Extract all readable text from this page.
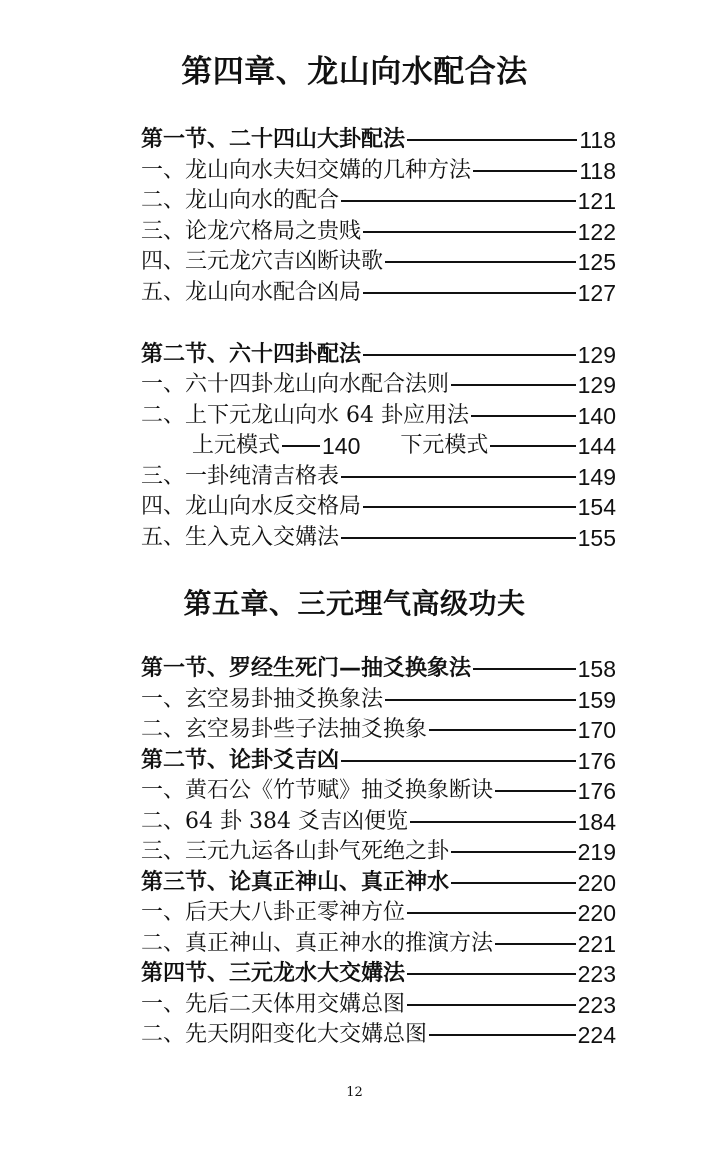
第四章、龙山向水配合法
第一节、二十四山大卦配法	118
一、龙山向水夫妇交媾的几种方法	118
二、龙山向水的配合	121
三、论龙穴格局之贵贱	122
四、三元龙穴吉凶断诀歌	125
五、龙山向水配合凶局	127
第二节、六十四卦配法	129
一、六十四卦龙山向水配合法则	129
二、上下元龙山向水 64 卦应用法	140
上元模式 140 下元模式	144
三、一卦纯清吉格表	149
四、龙山向水反交格局	154
五、生入克入交媾法	155
第五章、三元理气高级功夫
第一节、罗经生死门—抽爻换象法	158
一、玄空易卦抽爻换象法	159
二、玄空易卦些子法抽爻换象	170
第二节、论卦爻吉凶	176
一、黄石公《竹节赋》抽爻换象断诀	176
二、64 卦 384 爻吉凶便览	184
三、三元九运各山卦气死绝之卦	219
第三节、论真正神山、真正神水	220
一、后天大八卦正零神方位	220
二、真正神山、真正神水的推演方法	221
第四节、三元龙水大交媾法	223
一、先后二天体用交媾总图	223
二、先天阴阳变化大交媾总图	224
12
